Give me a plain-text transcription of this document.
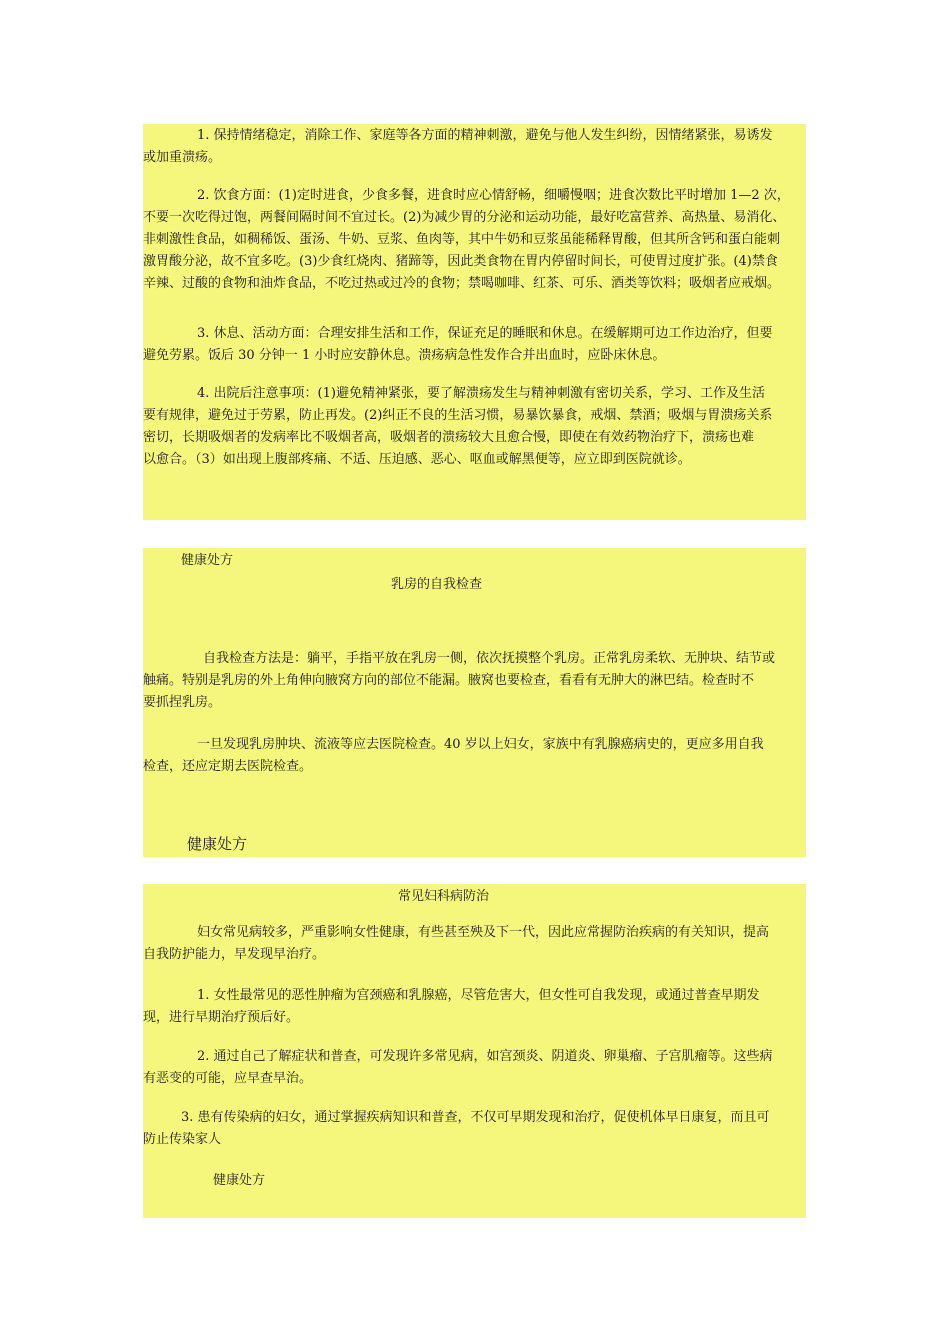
1. 保持情绪稳定，消除工作、家庭等各方面的精神刺激，避免与他人发生纠纷，因情绪紧张，易诱发
或加重溃疡。
2. 饮食方面：(1)定时进食，少食多餐，进食时应心情舒畅，细嚼慢咽；进食次数比平时增加 1—2 次，
不要一次吃得过饱，两餐间隔时间不宜过长。(2)为减少胃的分泌和运动功能，最好吃富营养、高热量、易消化、
非刺激性食品，如稠稀饭、蛋汤、牛奶、豆浆、鱼肉等，其中牛奶和豆浆虽能稀释胃酸，但其所含钙和蛋白能刺
激胃酸分泌，故不宜多吃。(3)少食红烧肉、猪蹄等，因此类食物在胃内停留时间长，可使胃过度扩张。(4)禁食
辛辣、过酸的食物和油炸食品，不吃过热或过冷的食物；禁喝咖啡、红茶、可乐、酒类等饮料；吸烟者应戒烟。
3. 休息、活动方面：合理安排生活和工作，保证充足的睡眠和休息。在缓解期可边工作边治疗，但要
避免劳累。饭后 30 分钟一 1 小时应安静休息。溃疡病急性发作合并出血时，应卧床休息。
4. 出院后注意事项：(1)避免精神紧张，要了解溃疡发生与精神刺激有密切关系，学习、工作及生活
要有规律，避免过于劳累，防止再发。(2)纠正不良的生活习惯，易暴饮暴食，戒烟、禁酒；吸烟与胃溃疡关系
密切，长期吸烟者的发病率比不吸烟者高，吸烟者的溃疡较大且愈合慢，即使在有效药物治疗下，溃疡也难
以愈合。（3）如出现上腹部疼痛、不适、压迫感、恶心、呕血或解黑便等，应立即到医院就诊。
健康处方
乳房的自我检查
自我检查方法是：躺平，手指平放在乳房一侧，依次抚摸整个乳房。正常乳房柔软、无肿块、结节或
触痛。特别是乳房的外上角伸向腋窝方向的部位不能漏。腋窝也要检查，看看有无肿大的淋巴结。检查时不
要抓捏乳房。
一旦发现乳房肿块、流液等应去医院检查。40 岁以上妇女，家族中有乳腺癌病史的，更应多用自我
检查，还应定期去医院检查。
健康处方
常见妇科病防治
妇女常见病较多，严重影响女性健康，有些甚至殃及下一代，因此应常握防治疾病的有关知识，提高
自我防护能力，早发现早治疗。
1. 女性最常见的恶性肿瘤为宫颈癌和乳腺癌，尽管危害大，但女性可自我发现，或通过普查早期发
现，进行早期治疗预后好。
2. 通过自己了解症状和普查，可发现许多常见病，如宫颈炎、阴道炎、卵巢瘤、子宫肌瘤等。这些病
有恶变的可能，应早查早治。
3. 患有传染病的妇女，通过掌握疾病知识和普查，不仅可早期发现和治疗，促使机体早日康复，而且可
防止传染家人
健康处方
